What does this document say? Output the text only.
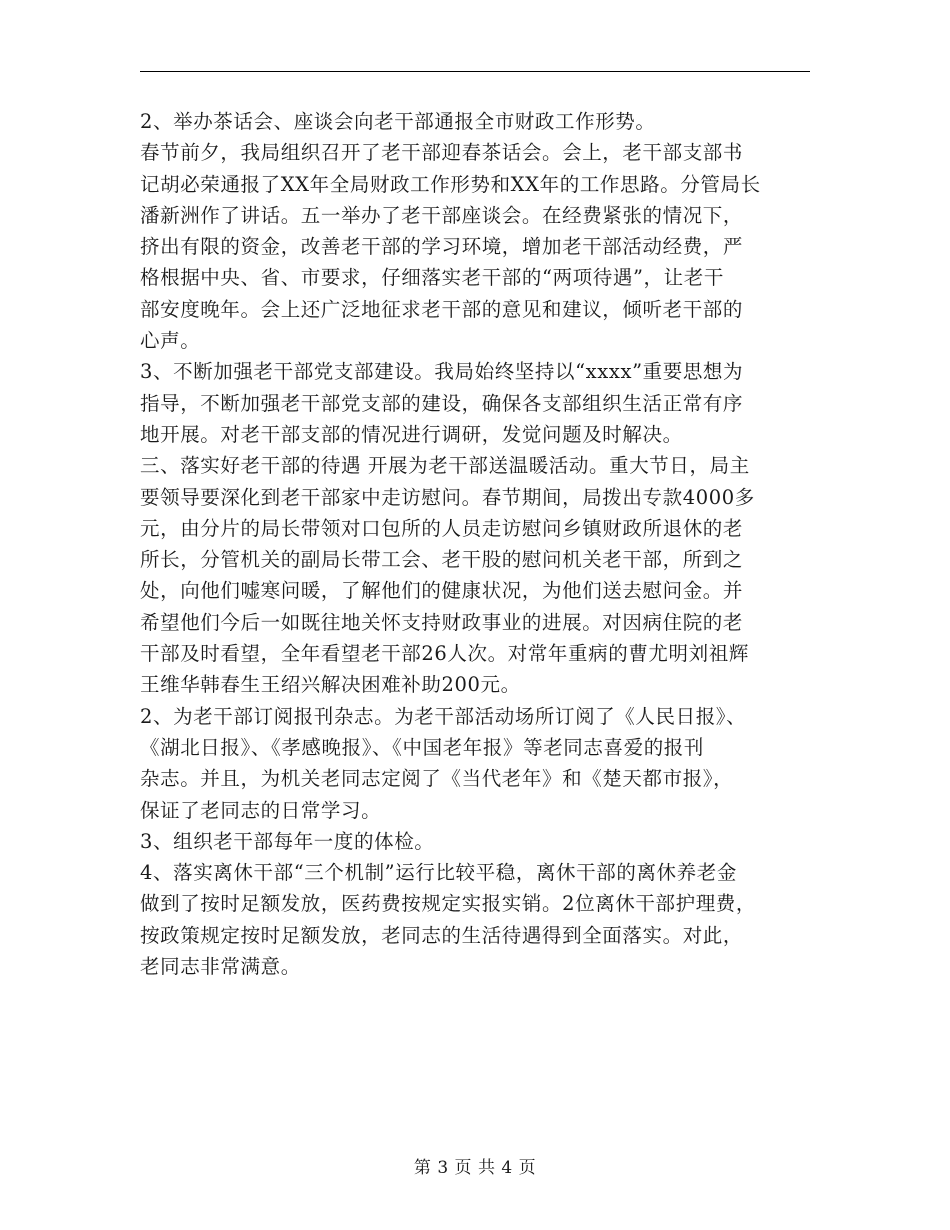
2、举办茶话会、座谈会向老干部通报全市财政工作形势。
春节前夕，我局组织召开了老干部迎春茶话会。会上，老干部支部书
记胡必荣通报了XX年全局财政工作形势和XX年的工作思路。分管局长
潘新洲作了讲话。五一举办了老干部座谈会。在经费紧张的情况下，
挤出有限的资金，改善老干部的学习环境，增加老干部活动经费，严
格根据中央、省、市要求，仔细落实老干部的“两项待遇”，让老干
部安度晚年。会上还广泛地征求老干部的意见和建议，倾听老干部的
心声。
3、不断加强老干部党支部建设。我局始终坚持以“xxxx”重要思想为
指导，不断加强老干部党支部的建设，确保各支部组织生活正常有序
地开展。对老干部支部的情况进行调研，发觉问题及时解决。
三、落实好老干部的待遇 开展为老干部送温暖活动。重大节日，局主
要领导要深化到老干部家中走访慰问。春节期间，局拨出专款4000多
元，由分片的局长带领对口包所的人员走访慰问乡镇财政所退休的老
所长，分管机关的副局长带工会、老干股的慰问机关老干部，所到之
处，向他们嘘寒问暖，了解他们的健康状况，为他们送去慰问金。并
希望他们今后一如既往地关怀支持财政事业的进展。对因病住院的老
干部及时看望，全年看望老干部26人次。对常年重病的曹尤明刘祖辉
王维华韩春生王绍兴解决困难补助200元。
2、为老干部订阅报刊杂志。为老干部活动场所订阅了《人民日报》、
《湖北日报》、《孝感晚报》、《中国老年报》等老同志喜爱的报刊
杂志。并且，为机关老同志定阅了《当代老年》和《楚天都市报》，
保证了老同志的日常学习。
3、组织老干部每年一度的体检。
4、落实离休干部“三个机制”运行比较平稳，离休干部的离休养老金
做到了按时足额发放，医药费按规定实报实销。2位离休干部护理费，
按政策规定按时足额发放，老同志的生活待遇得到全面落实。对此，
老同志非常满意。
第 3 页 共 4 页
